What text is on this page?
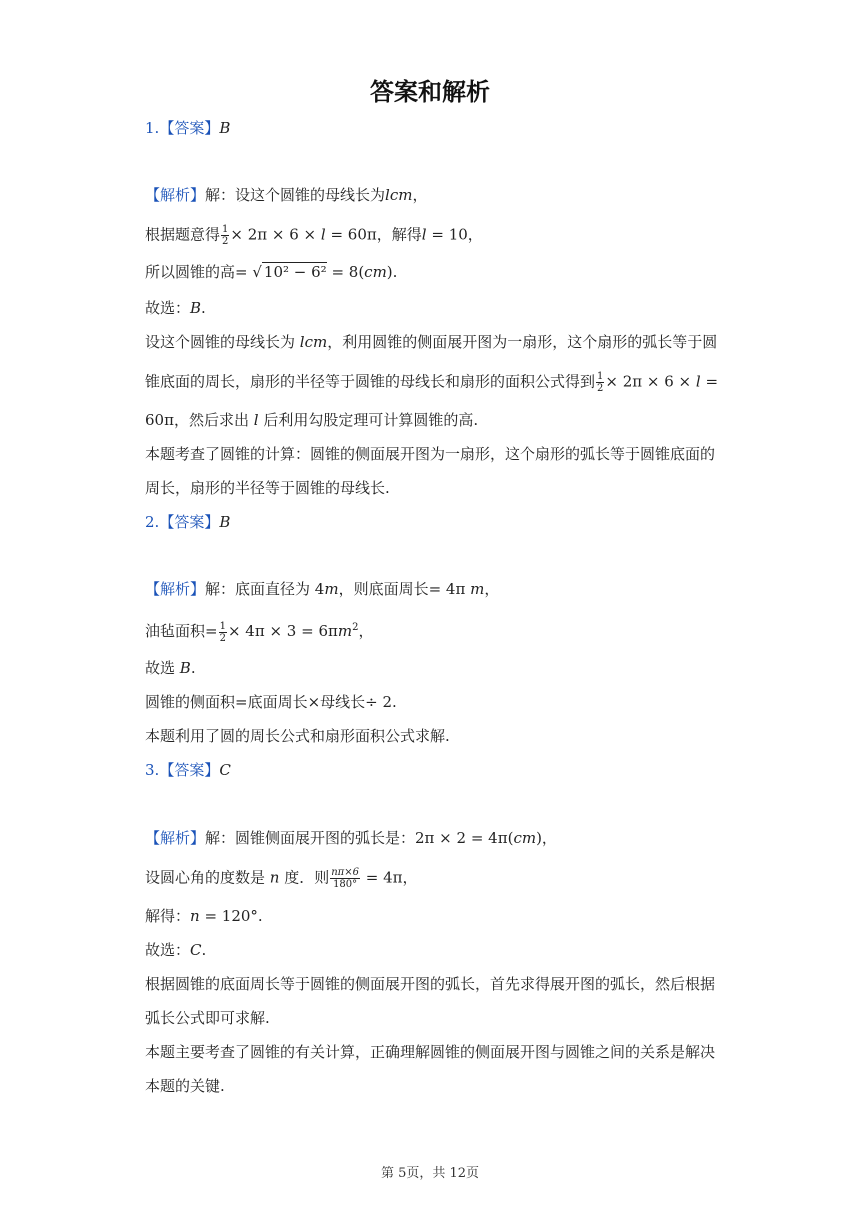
答案和解析
1.【答案】B
【解析】解：设这个圆锥的母线长为lcm，
根据题意得 $\frac{1}{2} \times 2\pi \times 6 \times l = 60\pi$，解得l = 10，
所以圆锥的高= √ 10² − 6² = 8(cm).
故选：B.
设这个圆锥的母线长为 lcm，利用圆锥的侧面展开图为一扇形，这个扇形的弧长等于圆
锥底面的周长，扇形的半径等于圆锥的母线长和扇形的面积公式得到 $\frac{1}{2} \times 2\pi \times 6 \times l$ =
60π，然后求出 l 后利用勾股定理可计算圆锥的高.
本题考查了圆锥的计算：圆锥的侧面展开图为一扇形，这个扇形的弧长等于圆锥底面的
周长，扇形的半径等于圆锥的母线长.
2.【答案】B
【解析】解：底面直径为 4m，则底面周长= 4π m，
油毡面积= $\frac{1}{2} \times 4\pi \times 3 = 6\pi m^2$，
故选 B.
圆锥的侧面积=底面周长×母线长÷ 2.
本题利用了圆的周长公式和扇形面积公式求解.
3.【答案】C
【解析】解：圆锥侧面展开图的弧长是：2π × 2 = 4π(cm)，
设圆心角的度数是 n 度．则 $\frac{n\pi\times 6}{180^\circ} = 4\pi$，
解得：n = 120°.
故选：C.
根据圆锥的底面周长等于圆锥的侧面展开图的弧长，首先求得展开图的弧长，然后根据
弧长公式即可求解.
本题主要考查了圆锥的有关计算，正确理解圆锥的侧面展开图与圆锥之间的关系是解决
本题的关键.
第 5页，共 12页
